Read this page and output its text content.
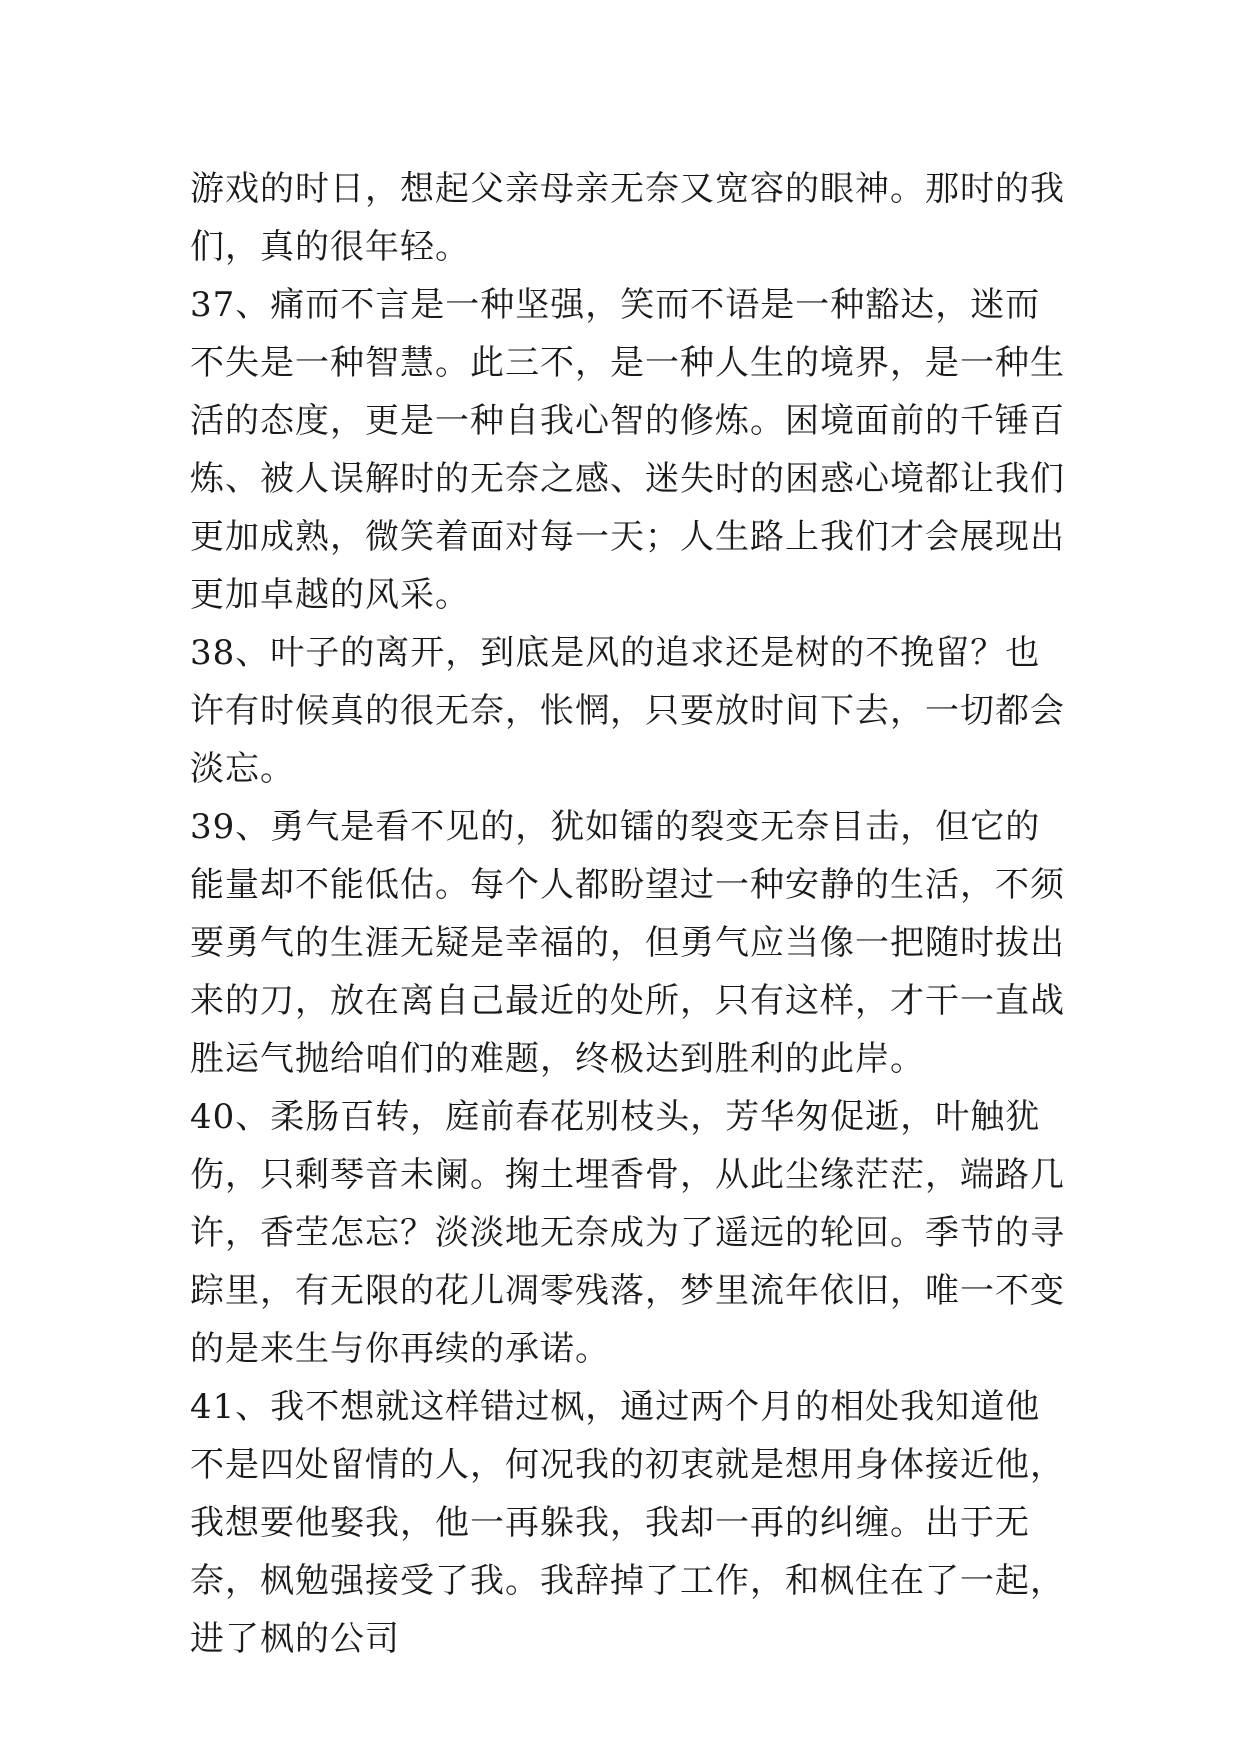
游戏的时日，想起父亲母亲无奈又宽容的眼神。那时的我们，真的很年轻。

37、痛而不言是一种坚强，笑而不语是一种豁达，迷而不失是一种智慧。此三不，是一种人生的境界，是一种生活的态度，更是一种自我心智的修炼。困境面前的千锤百炼、被人误解时的无奈之感、迷失时的困惑心境都让我们更加成熟，微笑着面对每一天；人生路上我们才会展现出更加卓越的风采。

38、叶子的离开，到底是风的追求还是树的不挽留？也许有时候真的很无奈，怅惘，只要放时间下去，一切都会淡忘。

39、勇气是看不见的，犹如镭的裂变无奈目击，但它的能量却不能低估。每个人都盼望过一种安静的生活，不须要勇气的生涯无疑是幸福的，但勇气应当像一把随时拔出来的刀，放在离自己最近的处所，只有这样，才干一直战胜运气抛给咱们的难题，终极达到胜利的此岸。

40、柔肠百转，庭前春花别枝头，芳华匆促逝，叶触犹伤，只剩琴音未阑。掬土埋香骨，从此尘缘茫茫，端路几许，香茔怎忘？淡淡地无奈成为了遥远的轮回。季节的寻踪里，有无限的花儿凋零残落，梦里流年依旧，唯一不变的是来生与你再续的承诺。

41、我不想就这样错过枫，通过两个月的相处我知道他不是四处留情的人，何况我的初衷就是想用身体接近他，我想要他娶我，他一再躲我，我却一再的纠缠。出于无奈，枫勉强接受了我。我辞掉了工作，和枫住在了一起，进了枫的公司
